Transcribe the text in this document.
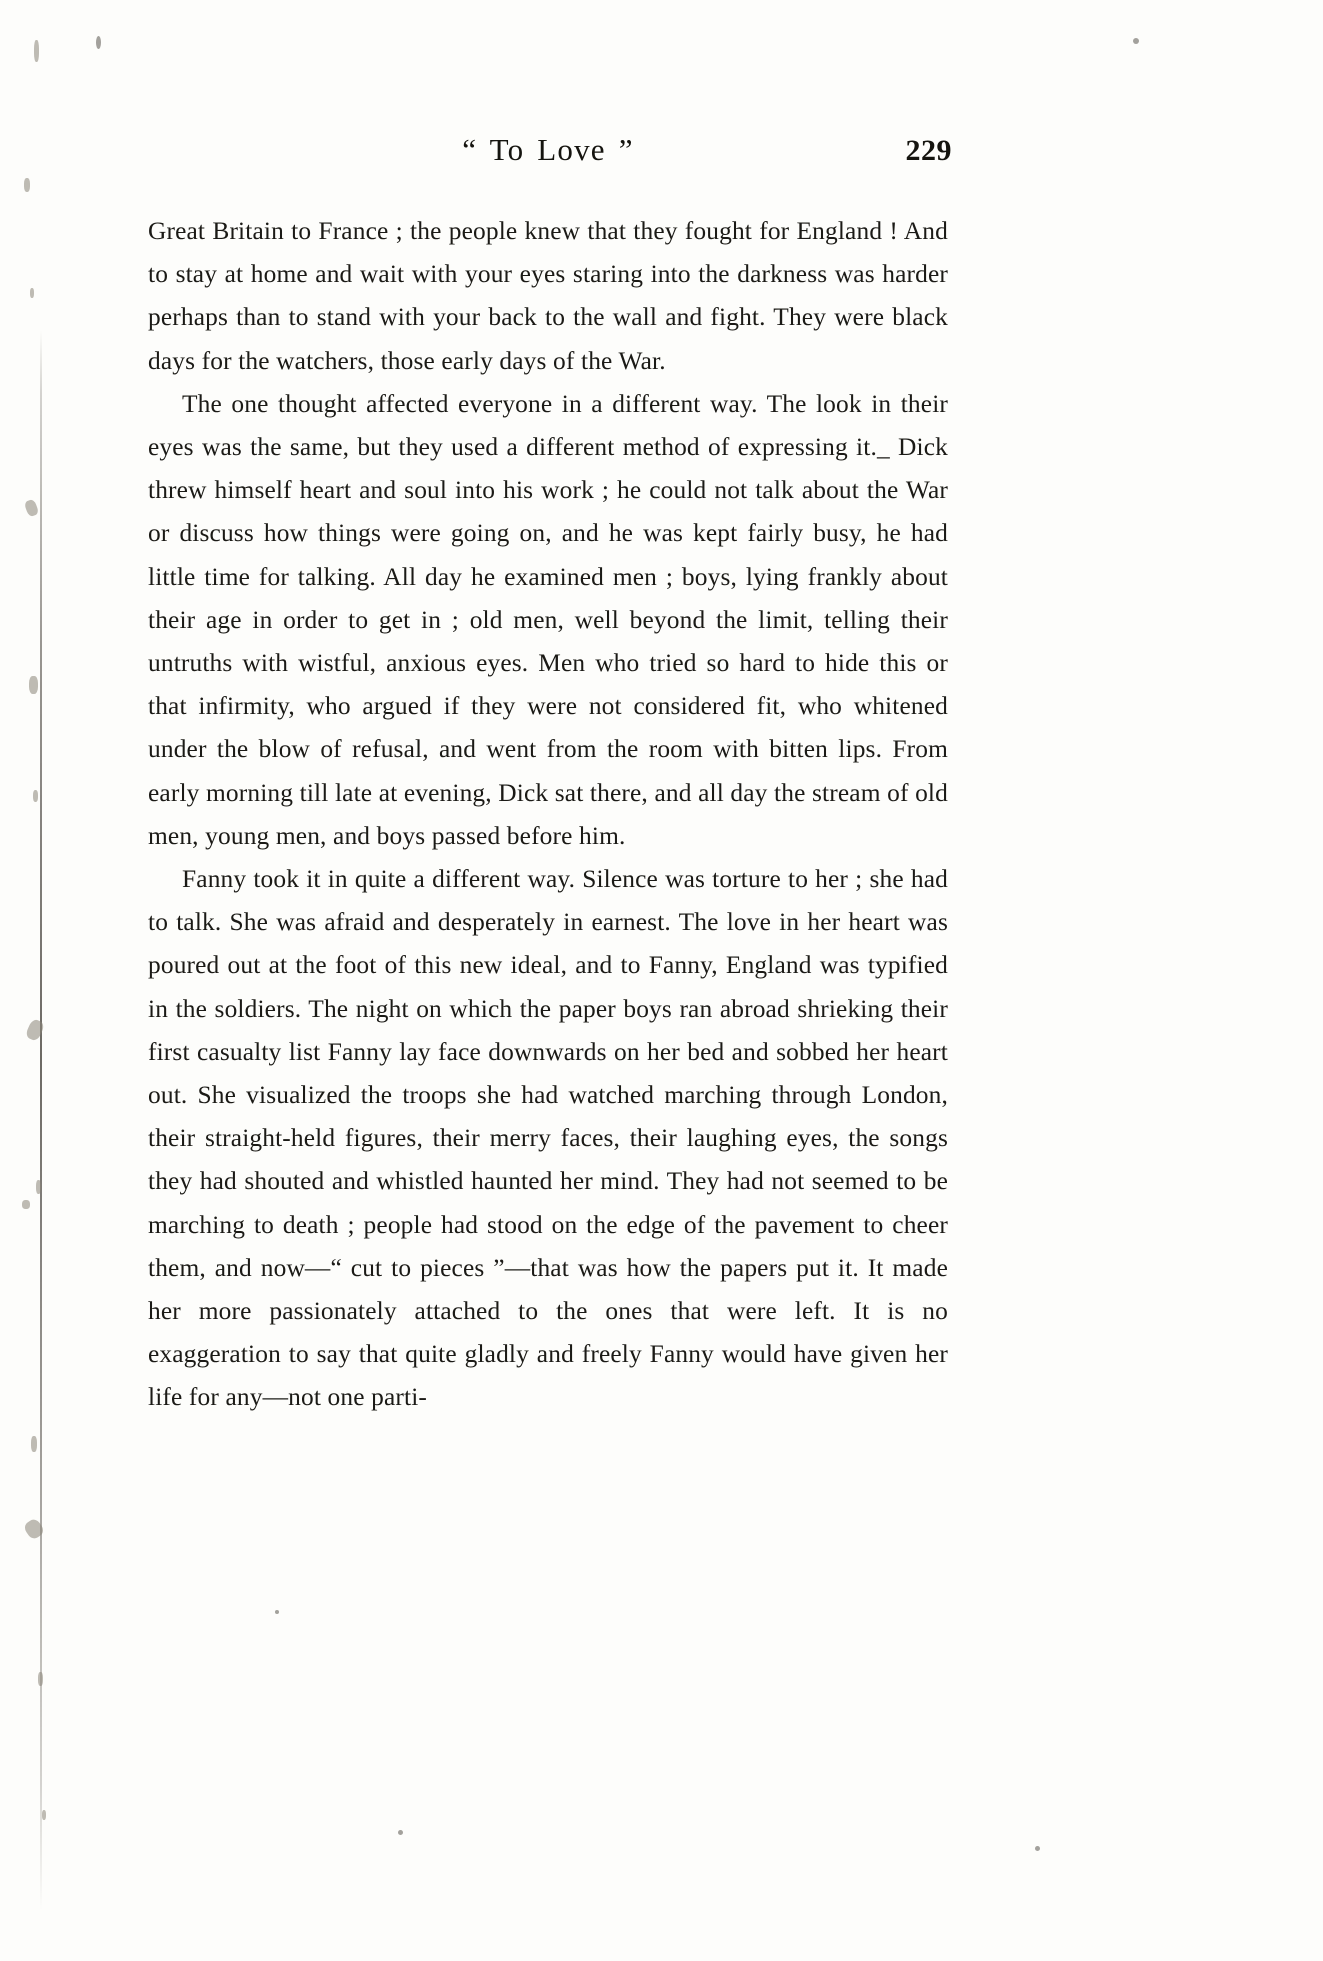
“ To Love ”	229

Great Britain to France ; the people knew that they fought for England ! And to stay at home and wait with your eyes staring into the darkness was harder perhaps than to stand with your back to the wall and fight. They were black days for the watchers, those early days of the War.

The one thought affected everyone in a different way. The look in their eyes was the same, but they used a different method of expressing it._ Dick threw himself heart and soul into his work ; he could not talk about the War or discuss how things were going on, and he was kept fairly busy, he had little time for talking. All day he examined men ; boys, lying frankly about their age in order to get in ; old men, well beyond the limit, telling their untruths with wistful, anxious eyes. Men who tried so hard to hide this or that infirmity, who argued if they were not considered fit, who whitened under the blow of refusal, and went from the room with bitten lips. From early morning till late at evening, Dick sat there, and all day the stream of old men, young men, and boys passed before him.

Fanny took it in quite a different way. Silence was torture to her ; she had to talk. She was afraid and desperately in earnest. The love in her heart was poured out at the foot of this new ideal, and to Fanny, England was typified in the soldiers. The night on which the paper boys ran abroad shrieking their first casualty list Fanny lay face downwards on her bed and sobbed her heart out. She visualized the troops she had watched marching through London, their straight-held figures, their merry faces, their laughing eyes, the songs they had shouted and whistled haunted her mind. They had not seemed to be marching to death ; people had stood on the edge of the pavement to cheer them, and now—“ cut to pieces ”—that was how the papers put it. It made her more passionately attached to the ones that were left. It is no exaggeration to say that quite gladly and freely Fanny would have given her life for any—not one parti-
